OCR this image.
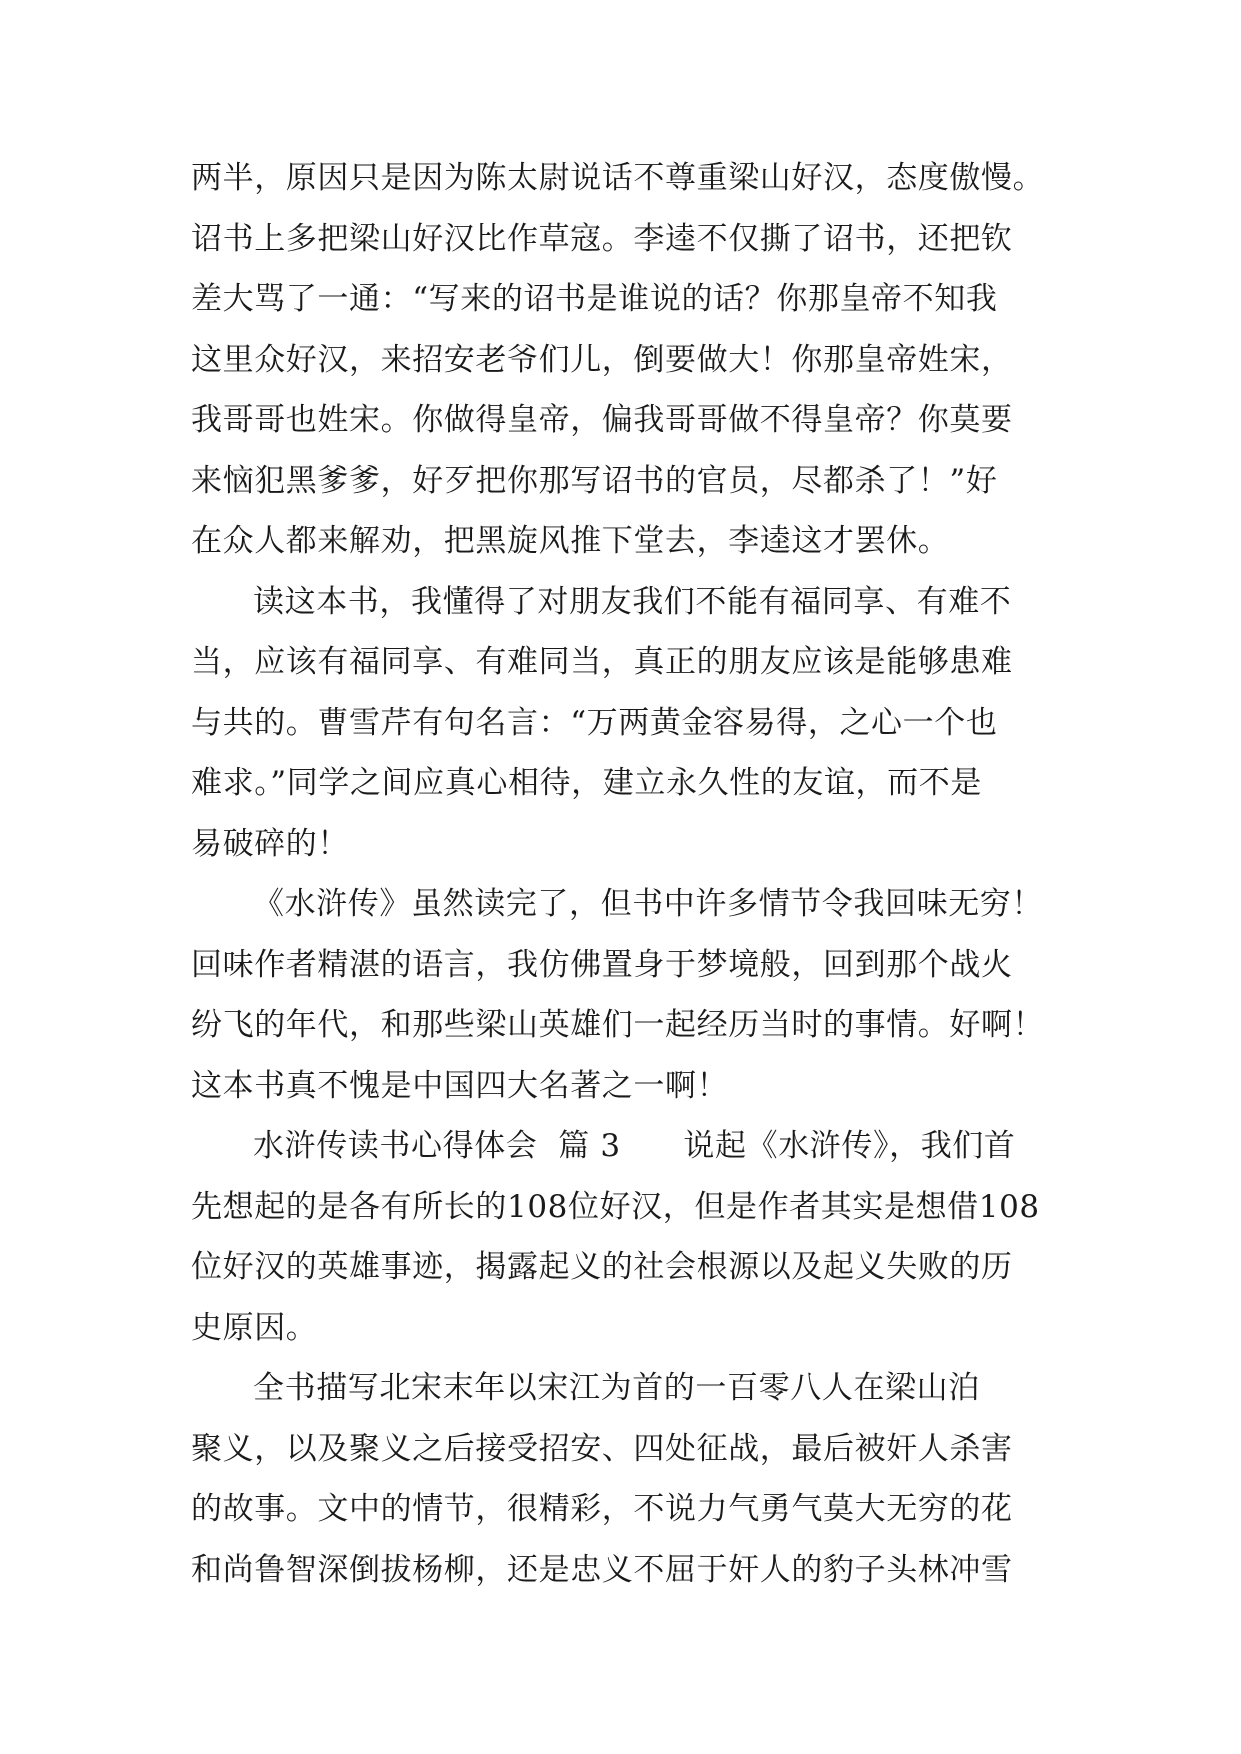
两半，原因只是因为陈太尉说话不尊重梁山好汉，态度傲慢。
诏书上多把梁山好汉比作草寇。李逵不仅撕了诏书，还把钦
差大骂了一通：“写来的诏书是谁说的话？你那皇帝不知我
这里众好汉，来招安老爷们儿，倒要做大！你那皇帝姓宋，
我哥哥也姓宋。你做得皇帝，偏我哥哥做不得皇帝？你莫要
来恼犯黑爹爹，好歹把你那写诏书的官员，尽都杀了！”好
在众人都来解劝，把黑旋风推下堂去，李逵这才罢休。
读这本书，我懂得了对朋友我们不能有福同享、有难不
当，应该有福同享、有难同当，真正的朋友应该是能够患难
与共的。曹雪芹有句名言：“万两黄金容易得，之心一个也
难求。”同学之间应真心相待，建立永久性的友谊，而不是
易破碎的！
《水浒传》虽然读完了，但书中许多情节令我回味无穷！
回味作者精湛的语言，我仿佛置身于梦境般，回到那个战火
纷飞的年代，和那些梁山英雄们一起经历当时的事情。好啊！
这本书真不愧是中国四大名著之一啊！
水浒传读书心得体会  篇 3      说起《水浒传》，我们首
先想起的是各有所长的108位好汉，但是作者其实是想借108
位好汉的英雄事迹，揭露起义的社会根源以及起义失败的历
史原因。
全书描写北宋末年以宋江为首的一百零八人在梁山泊
聚义，以及聚义之后接受招安、四处征战，最后被奸人杀害
的故事。文中的情节，很精彩，不说力气勇气莫大无穷的花
和尚鲁智深倒拔杨柳，还是忠义不屈于奸人的豹子头林冲雪
